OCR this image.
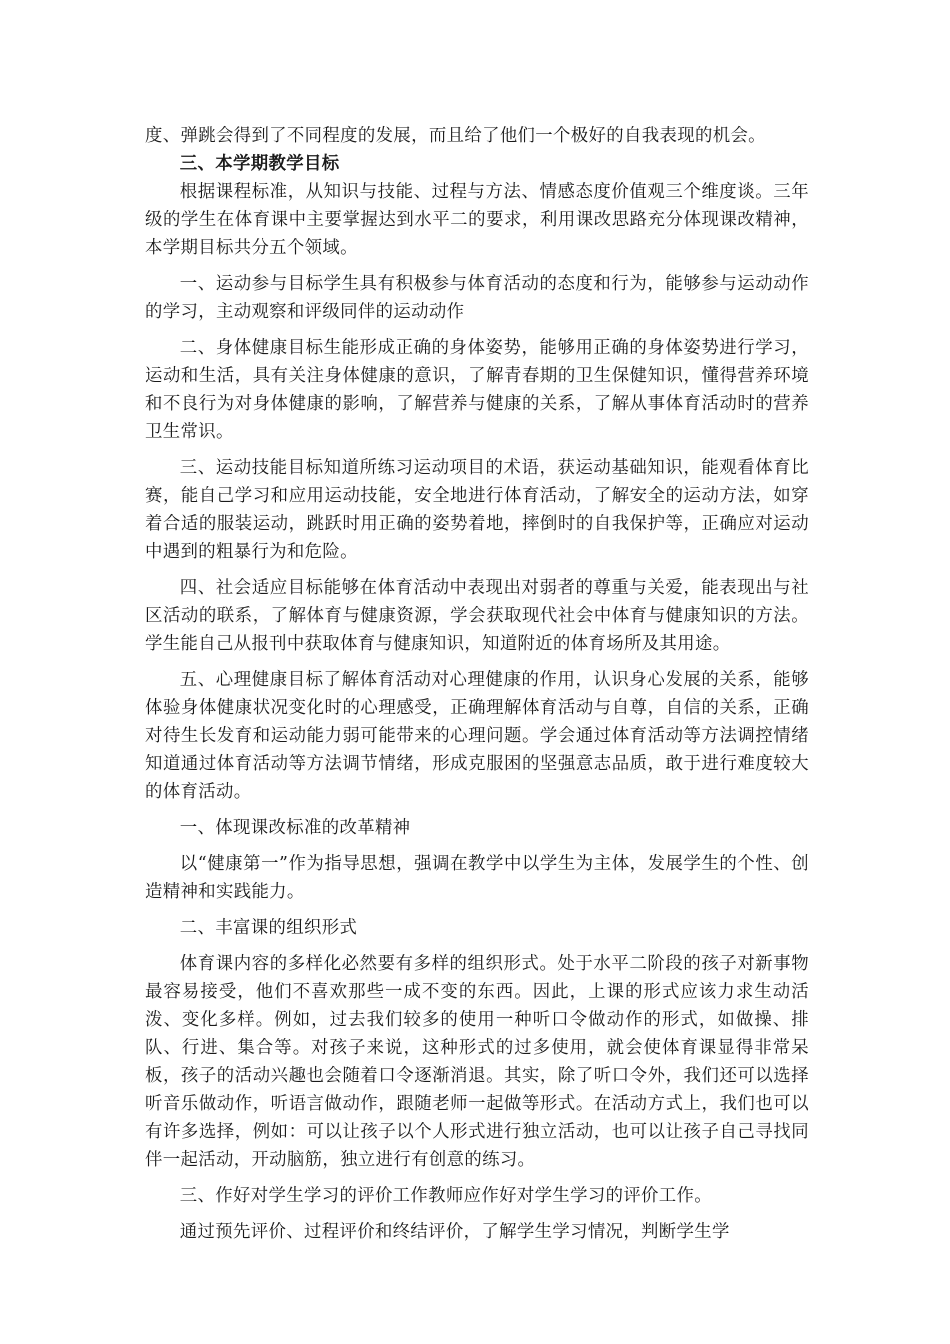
度、弹跳会得到了不同程度的发展，而且给了他们一个极好的自我表现的机会。

三、本学期教学目标

根据课程标准，从知识与技能、过程与方法、情感态度价值观三个维度谈。三年级的学生在体育课中主要掌握达到水平二的要求，利用课改思路充分体现课改精神，本学期目标共分五个领域。

一、运动参与目标学生具有积极参与体育活动的态度和行为，能够参与运动动作的学习，主动观察和评级同伴的运动动作

二、身体健康目标生能形成正确的身体姿势，能够用正确的身体姿势进行学习，运动和生活，具有关注身体健康的意识，了解青春期的卫生保健知识，懂得营养环境和不良行为对身体健康的影响，了解营养与健康的关系，了解从事体育活动时的营养卫生常识。

三、运动技能目标知道所练习运动项目的术语，获运动基础知识，能观看体育比赛，能自己学习和应用运动技能，安全地进行体育活动，了解安全的运动方法，如穿着合适的服装运动，跳跃时用正确的姿势着地，摔倒时的自我保护等，正确应对运动中遇到的粗暴行为和危险。

四、社会适应目标能够在体育活动中表现出对弱者的尊重与关爱，能表现出与社区活动的联系，了解体育与健康资源，学会获取现代社会中体育与健康知识的方法。学生能自己从报刊中获取体育与健康知识，知道附近的体育场所及其用途。

五、心理健康目标了解体育活动对心理健康的作用，认识身心发展的关系，能够体验身体健康状况变化时的心理感受，正确理解体育活动与自尊，自信的关系，正确对待生长发育和运动能力弱可能带来的心理问题。学会通过体育活动等方法调控情绪知道通过体育活动等方法调节情绪，形成克服困的坚强意志品质，敢于进行难度较大的体育活动。

一、体现课改标准的改革精神

以“健康第一”作为指导思想，强调在教学中以学生为主体，发展学生的个性、创造精神和实践能力。

二、丰富课的组织形式

体育课内容的多样化必然要有多样的组织形式。处于水平二阶段的孩子对新事物最容易接受，他们不喜欢那些一成不变的东西。因此，上课的形式应该力求生动活泼、变化多样。例如，过去我们较多的使用一种听口令做动作的形式，如做操、排队、行进、集合等。对孩子来说，这种形式的过多使用，就会使体育课显得非常呆板，孩子的活动兴趣也会随着口令逐渐消退。其实，除了听口令外，我们还可以选择听音乐做动作，听语言做动作，跟随老师一起做等形式。在活动方式上，我们也可以有许多选择，例如：可以让孩子以个人形式进行独立活动，也可以让孩子自己寻找同伴一起活动，开动脑筋，独立进行有创意的练习。

三、作好对学生学习的评价工作教师应作好对学生学习的评价工作。

通过预先评价、过程评价和终结评价，了解学生学习情况，判断学生学
